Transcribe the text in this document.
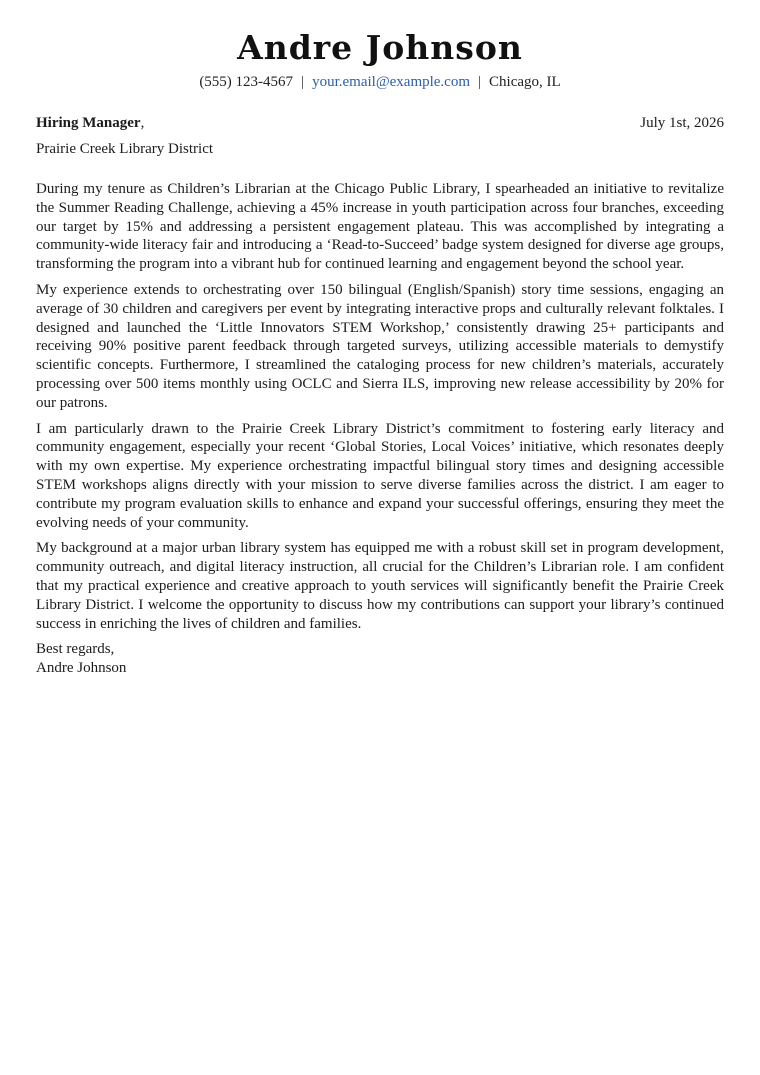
Andre Johnson
(555) 123-4567 | your.email@example.com | Chicago, IL
Hiring Manager,	July 1st, 2026
Prairie Creek Library District

During my tenure as Children’s Librarian at the Chicago Public Library, I spearheaded an initiative to revitalize the Summer Reading Challenge, achieving a 45% increase in youth participation across four branches, exceeding our target by 15% and addressing a persistent engagement plateau. This was accomplished by integrating a community-wide literacy fair and introducing a ‘Read-to-Succeed’ badge system designed for diverse age groups, transforming the program into a vibrant hub for continued learning and engagement beyond the school year.

My experience extends to orchestrating over 150 bilingual (English/Spanish) story time sessions, engaging an average of 30 children and caregivers per event by integrating interactive props and culturally relevant folktales. I designed and launched the ‘Little Innovators STEM Workshop,’ consistently drawing 25+ participants and receiving 90% positive parent feedback through targeted surveys, utilizing accessible materials to demystify scientific concepts. Furthermore, I streamlined the cataloging process for new children’s materials, accurately processing over 500 items monthly using OCLC and Sierra ILS, improving new release accessibility by 20% for our patrons.

I am particularly drawn to the Prairie Creek Library District’s commitment to fostering early literacy and community engagement, especially your recent ‘Global Stories, Local Voices’ initiative, which resonates deeply with my own expertise. My experience orchestrating impactful bilingual story times and designing accessible STEM workshops aligns directly with your mission to serve diverse families across the district. I am eager to contribute my program evaluation skills to enhance and expand your successful offerings, ensuring they meet the evolving needs of your community.

My background at a major urban library system has equipped me with a robust skill set in program development, community outreach, and digital literacy instruction, all crucial for the Children’s Librarian role. I am confident that my practical experience and creative approach to youth services will significantly benefit the Prairie Creek Library District. I welcome the opportunity to discuss how my contributions can support your library’s continued success in enriching the lives of children and families.

Best regards,
Andre Johnson
